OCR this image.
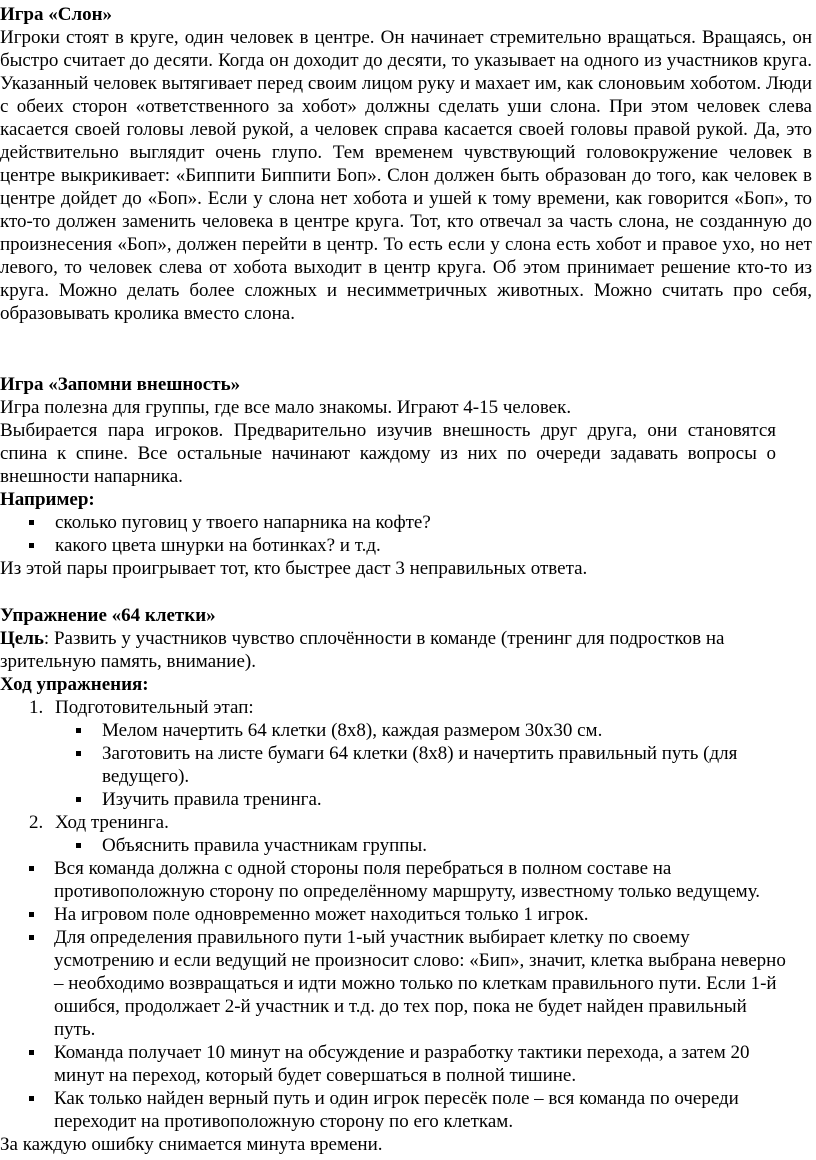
Игра «Слон»

Игроки стоят в круге, один человек в центре. Он начинает стремительно вращаться. Вращаясь, он быстро считает до десяти. Когда он доходит до десяти, то указывает на одного из участников круга. Указанный человек вытягивает перед своим лицом руку и махает им, как слоновьим хоботом. Люди с обеих сторон «ответственного за хобот» должны сделать уши слона. При этом человек слева касается своей головы левой рукой, а человек справа касается своей головы правой рукой. Да, это действительно выглядит очень глупо. Тем временем чувствующий головокружение человек в центре выкрикивает: «Биппити Биппити Боп». Слон должен быть образован до того, как человек в центре дойдет до «Боп». Если у слона нет хобота и ушей к тому времени, как говорится «Боп», то кто-то должен заменить человека в центре круга. Тот, кто отвечал за часть слона, не созданную до произнесения «Боп», должен перейти в центр. То есть если у слона есть хобот и правое ухо, но нет левого, то человек слева от хобота выходит в центр круга. Об этом принимает решение кто-то из круга. Можно делать более сложных и несимметричных животных. Можно считать про себя, образовывать кролика вместо слона.

Игра «Запомни внешность»

Игра полезна для группы, где все мало знакомы. Играют 4-15 человек.

Выбирается пара игроков. Предварительно изучив внешность друг друга, они становятся спина к спине. Все остальные начинают каждому из них по очереди задавать вопросы о внешности напарника.

Например:

сколько пуговиц у твоего напарника на кофте?
какого цвета шнурки на ботинках? и т.д.

Из этой пары проигрывает тот, кто быстрее даст 3 неправильных ответа.

Упражнение «64 клетки»

Цель: Развить у участников чувство сплочённости в команде (тренинг для подростков на зрительную память, внимание).

Ход упражнения:

1. Подготовительный этап:
Мелом начертить 64 клетки (8х8), каждая размером 30х30 см.
Заготовить на листе бумаги 64 клетки (8х8) и начертить правильный путь (для ведущего).
Изучить правила тренинга.
2. Ход тренинга.
Объяснить правила участникам группы.
Вся команда должна с одной стороны поля перебраться в полном составе на противоположную сторону по определённому маршруту, известному только ведущему.
На игровом поле одновременно может находиться только 1 игрок.
Для определения правильного пути 1-ый участник выбирает клетку по своему усмотрению и если ведущий не произносит слово: «Бип», значит, клетка выбрана неверно – необходимо возвращаться и идти можно только по клеткам правильного пути. Если 1-й ошибся, продолжает 2-й участник и т.д. до тех пор, пока не будет найден правильный путь.
Команда получает 10 минут на обсуждение и разработку тактики перехода, а затем 20 минут на переход, который будет совершаться в полной тишине.
Как только найден верный путь и один игрок пересёк поле – вся команда по очереди переходит на противоположную сторону по его клеткам.

За каждую ошибку снимается минута времени.
